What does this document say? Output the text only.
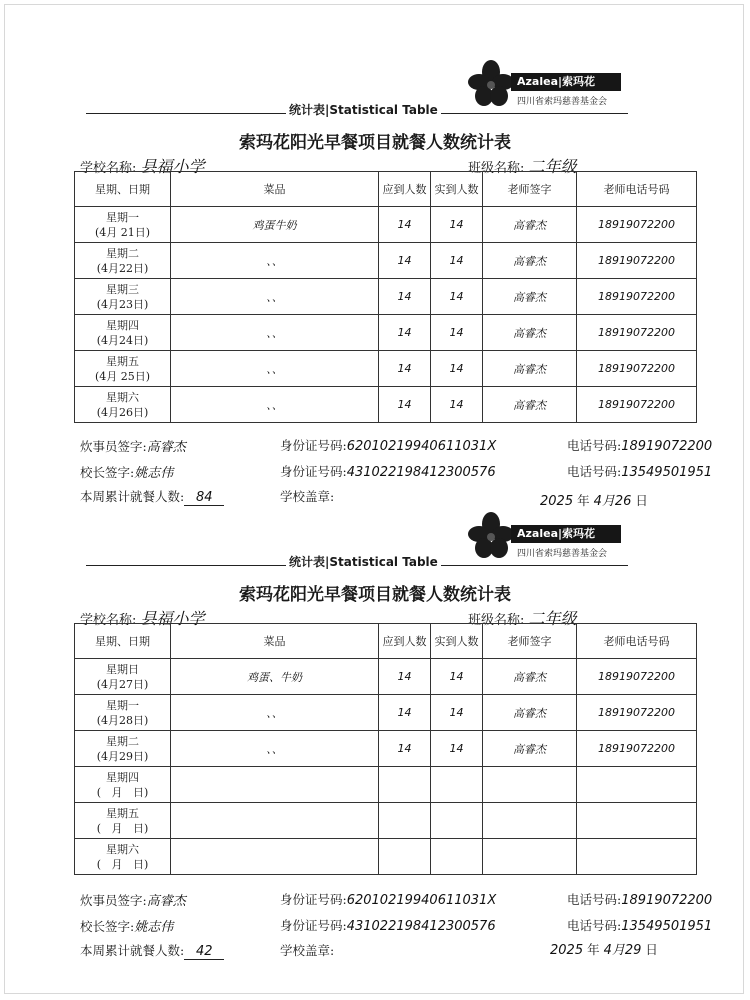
Azalea|索玛花
四川省索玛慈善基金会
统计表|Statistical Table
索玛花阳光早餐项目就餐人数统计表
学校名称: 县福小学	班级名称: 二年级
星期、日期	菜品	应到人数	实到人数	老师签字	老师电话号码

星期一
(4月 21日)	鸡蛋牛奶	14	14	高睿杰	18919072200

星期二
(4月22日)	、、	14	14	高睿杰	18919072200

星期三
(4月23日)	、、	14	14	高睿杰	18919072200

星期四
(4月24日)	、、	14	14	高睿杰	18919072200

星期五
(4月 25日)	、、	14	14	高睿杰	18919072200

星期六
(4月26日)	、、	14	14	高睿杰	18919072200
炊事员签字:高睿杰	身份证号码:62010219940611031X	电话号码:18919072200
校长签字:姚志伟	身份证号码:431022198412300576	电话号码:13549501951
本周累计就餐人数: 84	学校盖章:	2025 年 4月26 日
Azalea|索玛花
四川省索玛慈善基金会
统计表|Statistical Table
索玛花阳光早餐项目就餐人数统计表
学校名称: 县福小学	班级名称: 二年级
星期、日期	菜品	应到人数	实到人数	老师签字	老师电话号码

星期日
(4月27日)	鸡蛋、牛奶	14	14	高睿杰	18919072200

星期一
(4月28日)	、、	14	14	高睿杰	18919072200

星期二
(4月29日)	、、	14	14	高睿杰	18919072200

星期四
(   月   日)					

星期五
(   月   日)					

星期六
(   月   日)					

炊事员签字:高睿杰	身份证号码:62010219940611031X	电话号码:18919072200
校长签字:姚志伟	身份证号码:431022198412300576	电话号码:13549501951
本周累计就餐人数: 42	学校盖章:	2025 年 4月29 日
